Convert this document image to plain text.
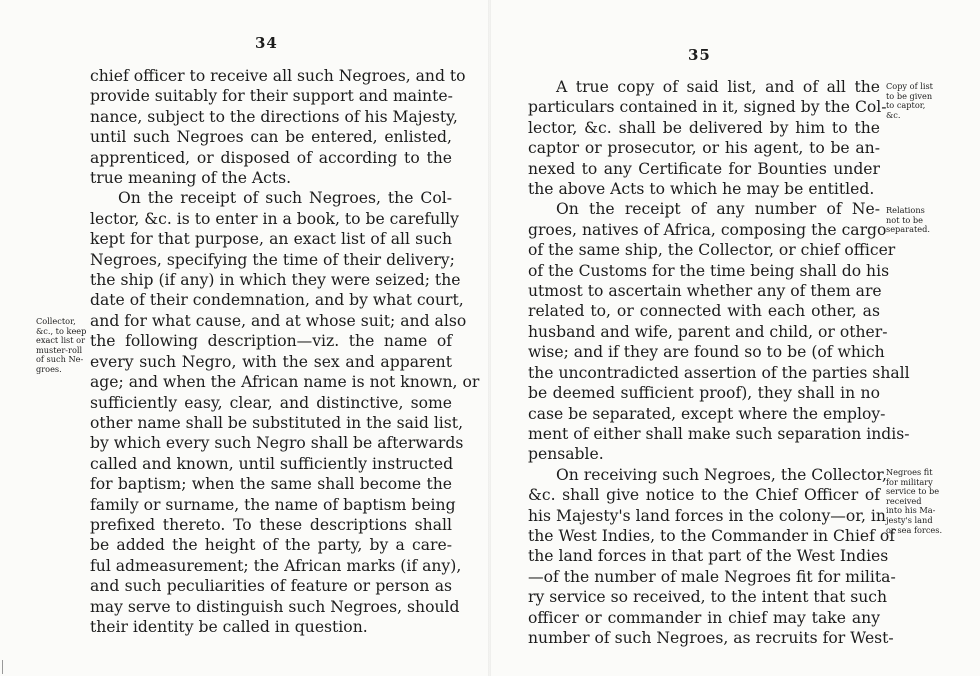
34
chief officer to receive all such Negroes, and to
provide suitably for their support and mainte-
nance, subject to the directions of his Majesty,
until such Negroes can be entered, enlisted,
apprenticed, or disposed of according to the
true meaning of the Acts.
On the receipt of such Negroes, the Col-
lector, &c. is to enter in a book, to be carefully
kept for that purpose, an exact list of all such
Negroes, specifying the time of their delivery;
the ship (if any) in which they were seized; the
date of their condemnation, and by what court,
and for what cause, and at whose suit; and also
the following description—viz. the name of
every such Negro, with the sex and apparent
age; and when the African name is not known, or
sufficiently easy, clear, and distinctive, some
other name shall be substituted in the said list,
by which every such Negro shall be afterwards
called and known, until sufficiently instructed
for baptism; when the same shall become the
family or surname, the name of baptism being
prefixed thereto. To these descriptions shall
be added the height of the party, by a care-
ful admeasurement; the African marks (if any),
and such peculiarities of feature or person as
may serve to distinguish such Negroes, should
their identity be called in question.
Collector,
&c., to keep
exact list or
muster-roll
of such Ne-
groes.
35
A true copy of said list, and of all the
particulars contained in it, signed by the Col-
lector, &c. shall be delivered by him to the
captor or prosecutor, or his agent, to be an-
nexed to any Certificate for Bounties under
the above Acts to which he may be entitled.
On the receipt of any number of Ne-
groes, natives of Africa, composing the cargo
of the same ship, the Collector, or chief officer
of the Customs for the time being shall do his
utmost to ascertain whether any of them are
related to, or connected with each other, as
husband and wife, parent and child, or other-
wise; and if they are found so to be (of which
the uncontradicted assertion of the parties shall
be deemed sufficient proof), they shall in no
case be separated, except where the employ-
ment of either shall make such separation indis-
pensable.
On receiving such Negroes, the Collector,
&c. shall give notice to the Chief Officer of
his Majesty's land forces in the colony—or, in
the West Indies, to the Commander in Chief of
the land forces in that part of the West Indies
—of the number of male Negroes fit for milita-
ry service so received, to the intent that such
officer or commander in chief may take any
number of such Negroes, as recruits for West-
Copy of list
to be given
to captor,
&c.
Relations
not to be
separated.
Negroes fit
for military
service to be
received
into his Ma-
jesty's land
or sea forces.
